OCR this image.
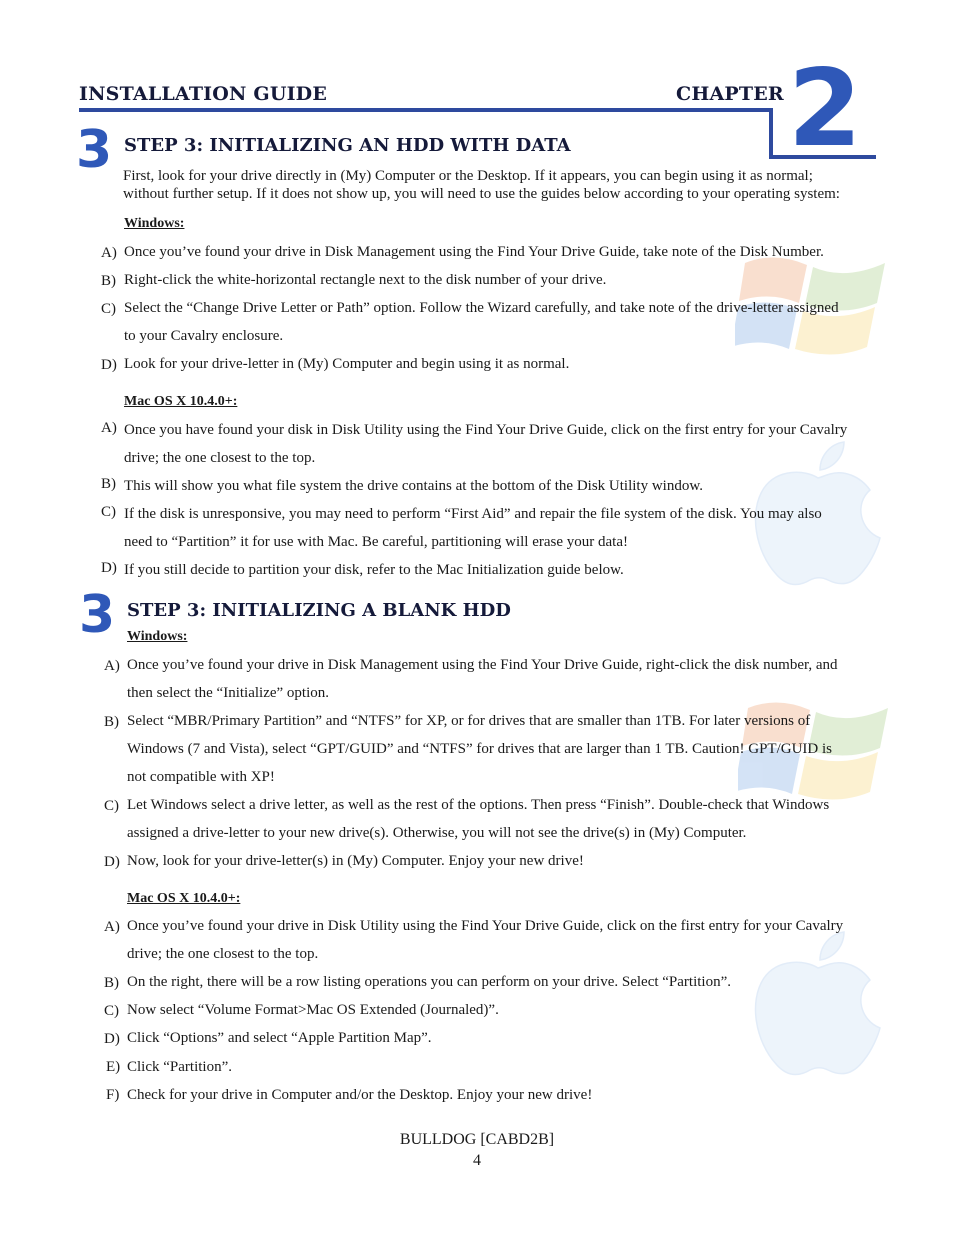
INSTALLATION GUIDE	CHAPTER 2
3 STEP 3: INITIALIZING AN HDD WITH DATA
First, look for your drive directly in (My) Computer or the Desktop. If it appears, you can begin using it as normal;
without further setup. If it does not show up, you will need to use the guides below according to your operating system:
Windows:
A) Once you’ve found your drive in Disk Management using the Find Your Drive Guide, take note of the Disk Number.
B) Right-click the white-horizontal rectangle next to the disk number of your drive.
C) Select the “Change Drive Letter or Path” option. Follow the Wizard carefully, and take note of the drive-letter assigned
to your Cavalry enclosure.
D) Look for your drive-letter in (My) Computer and begin using it as normal.
Mac OS X 10.4.0+:
A) Once you have found your disk in Disk Utility using the Find Your Drive Guide, click on the first entry for your Cavalry
drive; the one closest to the top.
B) This will show you what file system the drive contains at the bottom of the Disk Utility window.
C) If the disk is unresponsive, you may need to perform “First Aid” and repair the file system of the disk. You may also
need to “Partition” it for use with Mac. Be careful, partitioning will erase your data!
D) If you still decide to partition your disk, refer to the Mac Initialization guide below.
3 STEP 3: INITIALIZING A BLANK HDD
Windows:
A) Once you’ve found your drive in Disk Management using the Find Your Drive Guide, right-click the disk number, and
then select the “Initialize” option.
B) Select “MBR/Primary Partition” and “NTFS” for XP, or for drives that are smaller than 1TB. For later versions of
Windows (7 and Vista), select “GPT/GUID” and “NTFS” for drives that are larger than 1 TB. Caution! GPT/GUID is
not compatible with XP!
C) Let Windows select a drive letter, as well as the rest of the options. Then press “Finish”. Double-check that Windows
assigned a drive-letter to your new drive(s). Otherwise, you will not see the drive(s) in (My) Computer.
D) Now, look for your drive-letter(s) in (My) Computer. Enjoy your new drive!
Mac OS X 10.4.0+:
A) Once you’ve found your drive in Disk Utility using the Find Your Drive Guide, click on the first entry for your Cavalry
drive; the one closest to the top.
B) On the right, there will be a row listing operations you can perform on your drive. Select “Partition”.
C) Now select “Volume Format>Mac OS Extended (Journaled)”.
D) Click “Options” and select “Apple Partition Map”.
E) Click “Partition”.
F) Check for your drive in Computer and/or the Desktop. Enjoy your new drive!
BULLDOG [CABD2B]
4
